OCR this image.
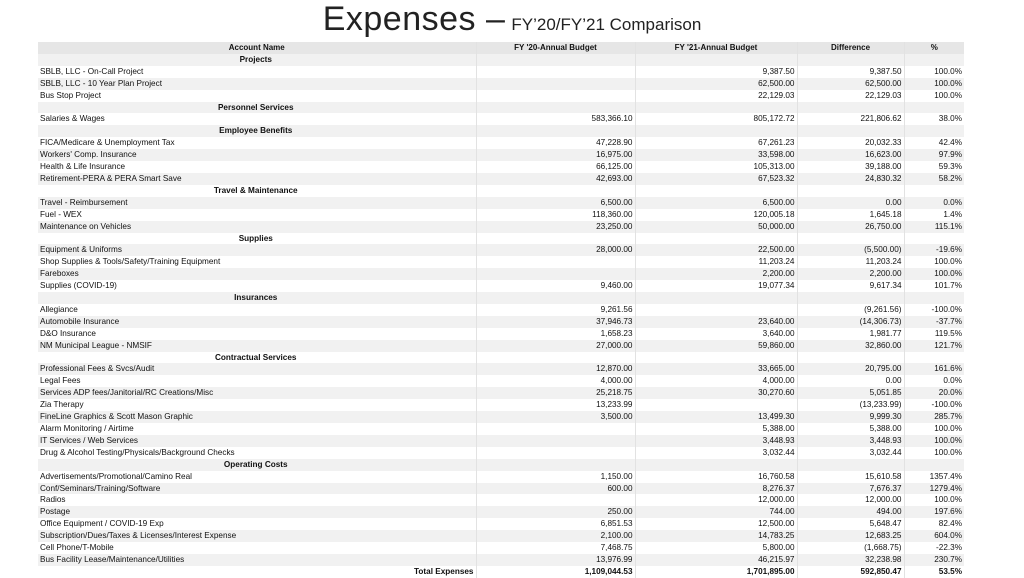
Expenses – FY’20/FY’21 Comparison
Account Name	FY '20-Annual Budget	FY '21-Annual Budget	Difference	%
Projects				
SBLB, LLC - On-Call Project		9,387.50	9,387.50	100.0%
SBLB, LLC - 10 Year Plan Project		62,500.00	62,500.00	100.0%
Bus Stop Project		22,129.03	22,129.03	100.0%
Personnel Services				
Salaries & Wages	583,366.10	805,172.72	221,806.62	38.0%
Employee Benefits				
FICA/Medicare & Unemployment Tax	47,228.90	67,261.23	20,032.33	42.4%
Workers' Comp. Insurance	16,975.00	33,598.00	16,623.00	97.9%
Health & Life Insurance	66,125.00	105,313.00	39,188.00	59.3%
Retirement-PERA & PERA Smart Save	42,693.00	67,523.32	24,830.32	58.2%
Travel & Maintenance				
Travel - Reimbursement	6,500.00	6,500.00	0.00	0.0%
Fuel - WEX	118,360.00	120,005.18	1,645.18	1.4%
Maintenance on Vehicles	23,250.00	50,000.00	26,750.00	115.1%
Supplies				
Equipment & Uniforms	28,000.00	22,500.00	(5,500.00)	-19.6%
Shop Supplies & Tools/Safety/Training Equipment		11,203.24	11,203.24	100.0%
Fareboxes		2,200.00	2,200.00	100.0%
Supplies (COVID-19)	9,460.00	19,077.34	9,617.34	101.7%
Insurances				
Allegiance	9,261.56		(9,261.56)	-100.0%
Automobile Insurance	37,946.73	23,640.00	(14,306.73)	-37.7%
D&O Insurance	1,658.23	3,640.00	1,981.77	119.5%
NM Municipal League - NMSIF	27,000.00	59,860.00	32,860.00	121.7%
Contractual Services				
Professional Fees & Svcs/Audit	12,870.00	33,665.00	20,795.00	161.6%
Legal Fees	4,000.00	4,000.00	0.00	0.0%
Services ADP fees/Janitorial/RC Creations/Misc	25,218.75	30,270.60	5,051.85	20.0%
Zia Therapy	13,233.99		(13,233.99)	-100.0%
FineLine Graphics & Scott Mason Graphic	3,500.00	13,499.30	9,999.30	285.7%
Alarm Monitoring / Airtime		5,388.00	5,388.00	100.0%
IT Services / Web Services		3,448.93	3,448.93	100.0%
Drug & Alcohol Testing/Physicals/Background Checks		3,032.44	3,032.44	100.0%
Operating Costs				
Advertisements/Promotional/Camino Real	1,150.00	16,760.58	15,610.58	1357.4%
Conf/Seminars/Training/Software	600.00	8,276.37	7,676.37	1279.4%
Radios		12,000.00	12,000.00	100.0%
Postage	250.00	744.00	494.00	197.6%
Office Equipment / COVID-19 Exp	6,851.53	12,500.00	5,648.47	82.4%
Subscription/Dues/Taxes & Licenses/Interest Expense	2,100.00	14,783.25	12,683.25	604.0%
Cell Phone/T-Mobile	7,468.75	5,800.00	(1,668.75)	-22.3%
Bus Facility Lease/Maintenance/Utilities	13,976.99	46,215.97	32,238.98	230.7%
Total Expenses	1,109,044.53	1,701,895.00	592,850.47	53.5%
